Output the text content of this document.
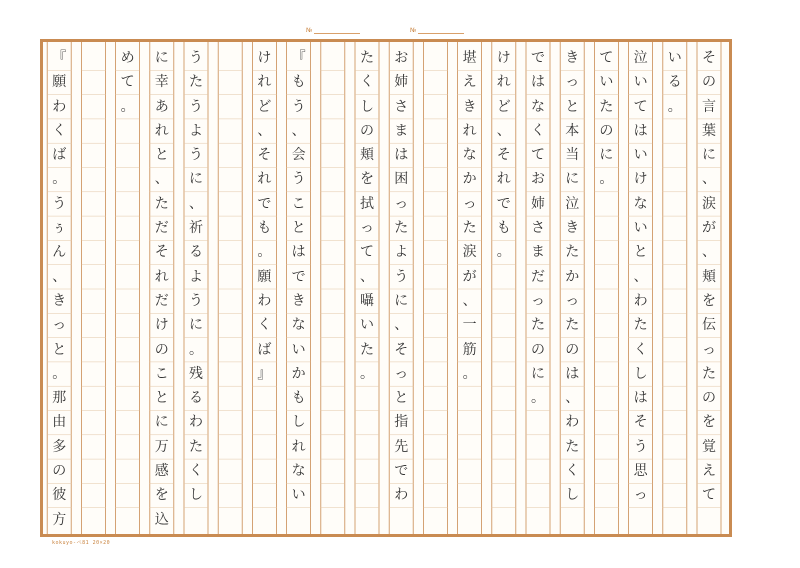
№	№
そ
の
言
葉
に
、
涙
が
、
頬
を
伝
っ
た
の
を
覚
え
て
い
る
。
泣
い
て
は
い
け
な
い
と
、
わ
た
く
し
は
そ
う
思
っ
て
い
た
の
に
。
き
っ
と
本
当
に
泣
き
た
か
っ
た
の
は
、
わ
た
く
し
で
は
な
く
て
お
姉
さ
ま
だ
っ
た
の
に
。
け
れ
ど
、
そ
れ
で
も
。
堪
え
き
れ
な
か
っ
た
涙
が
、
一
筋
。
お
姉
さ
ま
は
困
っ
た
よ
う
に
、
そ
っ
と
指
先
で
わ
た
く
し
の
頬
を
拭
っ
て
、
囁
い
た
。
『
も
う
、
会
う
こ
と
は
で
き
な
い
か
も
し
れ
な
い
け
れ
ど
、
そ
れ
で
も
。
願
わ
く
ば
』
う
た
う
よ
う
に
、
祈
る
よ
う
に
。
残
る
わ
た
く
し
に
幸
あ
れ
と
、
た
だ
そ
れ
だ
け
の
こ
と
に
万
感
を
込
め
て
。
『
願
わ
く
ば
。
う
ぅ
ん
、
き
っ
と
。
那
由
多
の
彼
方
kokuyo-ペ81 20×20
